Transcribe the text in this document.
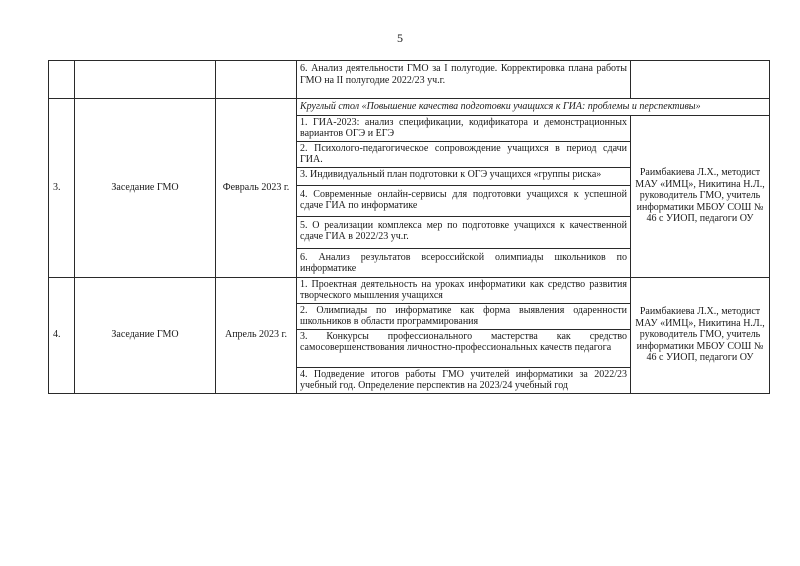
5
			6. Анализ деятельности ГМО за I полугодие. Корректировка плана работы ГМО на II полугодие 2022/23 уч.г.	
3.	Заседание ГМО	Февраль 2023 г.	Круглый стол «Повышение качества подготовки учащихся к ГИА: проблемы и перспективы»	
			1. ГИА-2023: анализ спецификации, кодификатора и демонстрационных вариантов ОГЭ и ЕГЭ	Раимбакиева Л.Х., методист МАУ «ИМЦ», Никитина Н.Л., руководитель ГМО, учитель информатики МБОУ СОШ № 46 с УИОП, педагоги ОУ
			2. Психолого-педагогическое сопровождение учащихся в период сдачи ГИА.	
			3. Индивидуальный план подготовки к ОГЭ учащихся «группы риска»	
			4. Современные онлайн-сервисы для подготовки учащихся к успешной сдаче ГИА по информатике	
			5. О реализации комплекса мер по подготовке учащихся к качественной сдаче ГИА в 2022/23 уч.г.	
			6. Анализ результатов всероссийской олимпиады школьников по информатике	
4.	Заседание ГМО	Апрель 2023 г.	1. Проектная деятельность на уроках информатики как средство развития творческого мышления учащихся	Раимбакиева Л.Х., методист МАУ «ИМЦ», Никитина Н.Л., руководитель ГМО, учитель информатики МБОУ СОШ № 46 с УИОП, педагоги ОУ
			2. Олимпиады по информатике как форма выявления одаренности школьников в области программирования	
			3. Конкурсы профессионального мастерства как средство самосовершенствования личностно-профессиональных качеств педагога	
			4. Подведение итогов работы ГМО учителей информатики за 2022/23 учебный год. Определение перспектив на 2023/24 учебный год	
